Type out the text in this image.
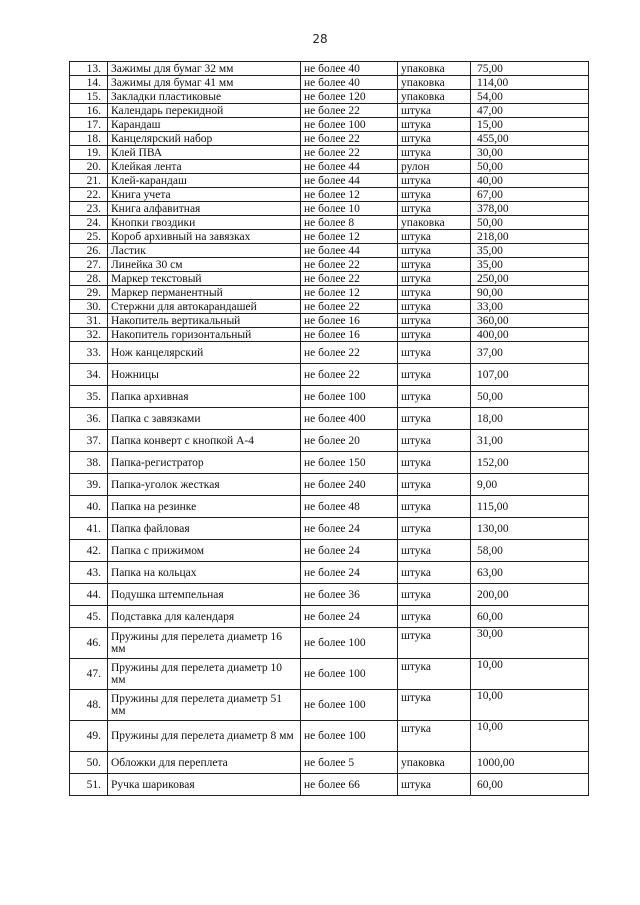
28
13.	Зажимы для бумаг 32 мм	не более 40	упаковка	75,00
14.	Зажимы для бумаг 41 мм	не более 40	упаковка	114,00
15.	Закладки пластиковые	не более 120	упаковка	54,00
16.	Календарь перекидной	не более 22	штука	47,00
17.	Карандаш	не более 100	штука	15,00
18.	Канцелярский набор	не более 22	штука	455,00
19.	Клей ПВА	не более 22	штука	30,00
20.	Клейкая лента	не более 44	рулон	50,00
21.	Клей-карандаш	не более 44	штука	40,00
22.	Книга учета	не более 12	штука	67,00
23.	Книга алфавитная	не более 10	штука	378,00
24.	Кнопки гвоздики	не более 8	упаковка	50,00
25.	Короб архивный на завязках	не более 12	штука	218,00
26.	Ластик	не более 44	штука	35,00
27.	Линейка 30 см	не более 22	штука	35,00
28.	Маркер текстовый	не более 22	штука	250,00
29.	Маркер перманентный	не более 12	штука	90,00
30.	Стержни для автокарандашей	не более 22	штука	33,00
31.	Накопитель вертикальный	не более 16	штука	360,00
32.	Накопитель горизонтальный	не более 16	штука	400,00
33.	Нож канцелярский	не более 22	штука	37,00
34.	Ножницы	не более 22	штука	107,00
35.	Папка архивная	не более 100	штука	50,00
36.	Папка с завязками	не более 400	штука	18,00
37.	Папка конверт с кнопкой А-4	не более 20	штука	31,00
38.	Папка-регистратор	не более 150	штука	152,00
39.	Папка-уголок жесткая	не более 240	штука	9,00
40.	Папка на резинке	не более 48	штука	115,00
41.	Папка файловая	не более 24	штука	130,00
42.	Папка с прижимом	не более 24	штука	58,00
43.	Папка на кольцах	не более 24	штука	63,00
44.	Подушка штемпельная	не более 36	штука	200,00
45.	Подставка для календаря	не более 24	штука	60,00
46.	Пружины для перелета диаметр 16 мм	не более 100	штука	30,00
47.	Пружины для перелета диаметр 10 мм	не более 100	штука	10,00
48.	Пружины для перелета диаметр 51 мм	не более 100	штука	10,00
49.	Пружины для перелета диаметр 8 мм	не более 100	штука	10,00
50.	Обложки для переплета	не более 5	упаковка	1000,00
51.	Ручка шариковая	не более 66	штука	60,00
